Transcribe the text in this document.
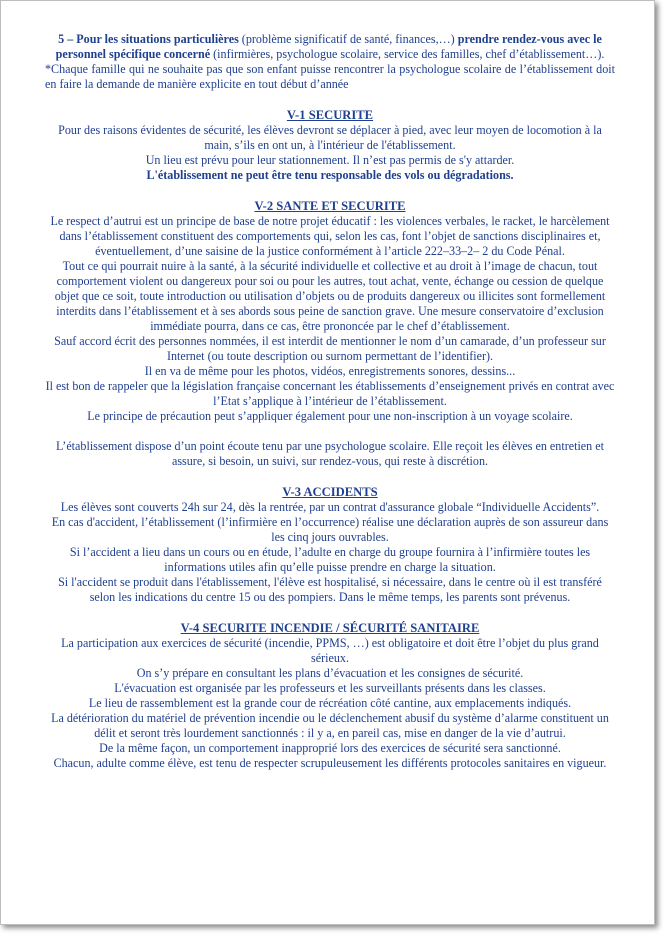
5 – Pour les situations particulières (problème significatif de santé, finances,…) prendre rendez-vous avec le personnel spécifique concerné (infirmières, psychologue scolaire, service des familles, chef d’établissement…).

*Chaque famille qui ne souhaite pas que son enfant puisse rencontrer la psychologue scolaire de l’établissement doit en faire la demande de manière explicite en tout début d’année

V-1 SECURITE

Pour des raisons évidentes de sécurité, les élèves devront se déplacer à pied, avec leur moyen de locomotion à la main, s’ils en ont un, à l'intérieur de l'établissement.

Un lieu est prévu pour leur stationnement. Il n’est pas permis de s'y attarder.

L'établissement ne peut être tenu responsable des vols ou dégradations.

V-2 SANTE ET SECURITE

Le respect d’autrui est un principe de base de notre projet éducatif : les violences verbales, le racket, le harcèlement dans l’établissement constituent des comportements qui, selon les cas, font l’objet de sanctions disciplinaires et, éventuellement, d’une saisine de la justice conformément à l’article 222–33–2– 2 du Code Pénal.

Tout ce qui pourrait nuire à la santé, à la sécurité individuelle et collective et au droit à l’image de chacun, tout comportement violent ou dangereux pour soi ou pour les autres, tout achat, vente, échange ou cession de quelque objet que ce soit, toute introduction ou utilisation d’objets ou de produits dangereux ou illicites sont formellement interdits dans l’établissement et à ses abords sous peine de sanction grave. Une mesure conservatoire d’exclusion immédiate pourra, dans ce cas, être prononcée par le chef d’établissement.

Sauf accord écrit des personnes nommées, il est interdit de mentionner le nom d’un camarade, d’un professeur sur Internet (ou toute description ou surnom permettant de l’identifier).

Il en va de même pour les photos, vidéos, enregistrements sonores, dessins...

Il est bon de rappeler que la législation française concernant les établissements d’enseignement privés en contrat avec l’Etat s’applique à l’intérieur de l’établissement.

Le principe de précaution peut s’appliquer également pour une non-inscription à un voyage scolaire.

L’établissement dispose d’un point écoute tenu par une psychologue scolaire. Elle reçoit les élèves en entretien et assure, si besoin, un suivi, sur rendez-vous, qui reste à discrétion.

V-3 ACCIDENTS

Les élèves sont couverts 24h sur 24, dès la rentrée, par un contrat d'assurance globale “Individuelle Accidents”.

En cas d'accident, l’établissement (l’infirmière en l’occurrence) réalise une déclaration auprès de son assureur dans les cinq jours ouvrables.

Si l’accident a lieu dans un cours ou en étude, l’adulte en charge du groupe fournira à l’infirmière toutes les informations utiles afin qu’elle puisse prendre en charge la situation.

Si l'accident se produit dans l'établissement, l'élève est hospitalisé, si nécessaire, dans le centre où il est transféré selon les indications du centre 15 ou des pompiers. Dans le même temps, les parents sont prévenus.

V-4 SECURITE INCENDIE / SÉCURITÉ SANITAIRE

La participation aux exercices de sécurité (incendie, PPMS, …) est obligatoire et doit être l’objet du plus grand sérieux.

On s’y prépare en consultant les plans d’évacuation et les consignes de sécurité.

L'évacuation est organisée par les professeurs et les surveillants présents dans les classes.

Le lieu de rassemblement est la grande cour de récréation côté cantine, aux emplacements indiqués.

La détérioration du matériel de prévention incendie ou le déclenchement abusif du système d’alarme constituent un délit et seront très lourdement sanctionnés : il y a, en pareil cas, mise en danger de la vie d’autrui.

De la même façon, un comportement inapproprié lors des exercices de sécurité sera sanctionné.

Chacun, adulte comme élève, est tenu de respecter scrupuleusement les différents protocoles sanitaires en vigueur.
